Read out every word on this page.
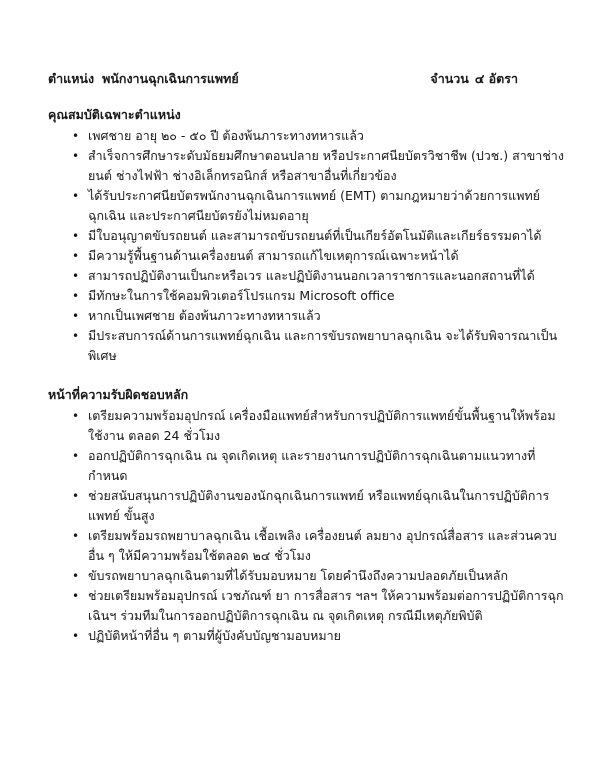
ตำแหน่ง พนักงานฉุกเฉินการแพทย์	จำนวน ๔ อัตรา
คุณสมบัติเฉพาะตำแหน่ง
• เพศชาย อายุ ๒๐ - ๕๐ ปี ต้องพ้นภาระทางทหารแล้ว
• สำเร็จการศึกษาระดับมัธยมศึกษาตอนปลาย หรือประกาศนียบัตรวิชาชีพ (ปวช.) สาขาช่างยนต์ ช่างไฟฟ้า ช่างอิเล็กทรอนิกส์ หรือสาขาอื่นที่เกี่ยวข้อง
• ได้รับประกาศนียบัตรพนักงานฉุกเฉินการแพทย์ (EMT) ตามกฎหมายว่าด้วยการแพทย์ฉุกเฉิน และประกาศนียบัตรยังไม่หมดอายุ
• มีใบอนุญาตขับรถยนต์ และสามารถขับรถยนต์ที่เป็นเกียร์อัตโนมัติและเกียร์ธรรมดาได้
• มีความรู้พื้นฐานด้านเครื่องยนต์ สามารถแก้ไขเหตุการณ์เฉพาะหน้าได้
• สามารถปฏิบัติงานเป็นกะหรือเวร และปฏิบัติงานนอกเวลาราชการและนอกสถานที่ได้
• มีทักษะในการใช้คอมพิวเตอร์โปรแกรม Microsoft office
• หากเป็นเพศชาย ต้องพ้นภาวะทางทหารแล้ว
• มีประสบการณ์ด้านการแพทย์ฉุกเฉิน และการขับรถพยาบาลฉุกเฉิน จะได้รับพิจารณาเป็นพิเศษ
หน้าที่ความรับผิดชอบหลัก
• เตรียมความพร้อมอุปกรณ์ เครื่องมือแพทย์สำหรับการปฏิบัติการแพทย์ขั้นพื้นฐานให้พร้อมใช้งาน ตลอด 24 ชั่วโมง
• ออกปฏิบัติการฉุกเฉิน ณ จุดเกิดเหตุ และรายงานการปฏิบัติการฉุกเฉินตามแนวทางที่กำหนด
• ช่วยสนับสนุนการปฏิบัติงานของนักฉุกเฉินการแพทย์ หรือแพทย์ฉุกเฉินในการปฏิบัติการแพทย์ ขั้นสูง
• เตรียมพร้อมรถพยาบาลฉุกเฉิน เชื้อเพลิง เครื่องยนต์ ลมยาง อุปกรณ์สื่อสาร และส่วนควบอื่น ๆ ให้มีความพร้อมใช้ตลอด ๒๔ ชั่วโมง
• ขับรถพยาบาลฉุกเฉินตามที่ได้รับมอบหมาย โดยคำนึงถึงความปลอดภัยเป็นหลัก
• ช่วยเตรียมพร้อมอุปกรณ์ เวชภัณฑ์ ยา การสื่อสาร ฯลฯ ให้ความพร้อมต่อการปฏิบัติการฉุกเฉินฯ ร่วมทีมในการออกปฏิบัติการฉุกเฉิน ณ จุดเกิดเหตุ กรณีมีเหตุภัยพิบัติ
• ปฏิบัติหน้าที่อื่น ๆ ตามที่ผู้บังคับบัญชามอบหมาย
